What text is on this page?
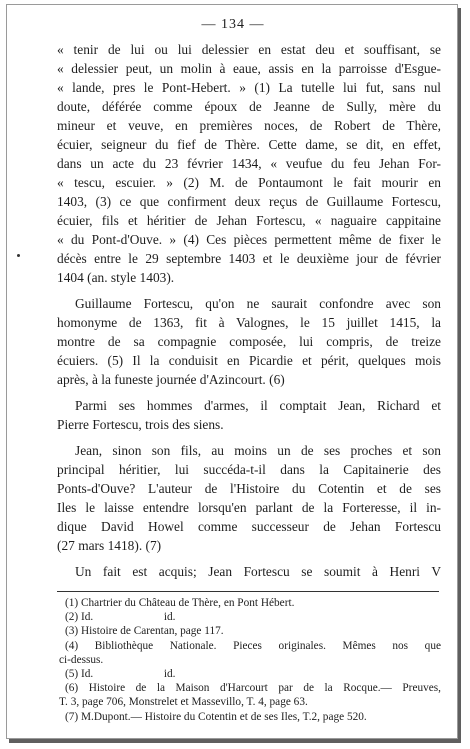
— 134 —

« tenir de lui ou lui delessier en estat deu et souffisant, se
« delessier peut, un molin à eaue, assis en la parroisse d'Esgue-
« lande, pres le Pont-Hebert. » (1) La tutelle lui fut, sans nul
doute, déférée comme époux de Jeanne de Sully, mère du
mineur et veuve, en premières noces, de Robert de Thère,
écuier, seigneur du fief de Thère. Cette dame, se dit, en effet,
dans un acte du 23 février 1434, « veufue du feu Jehan For-
« tescu, escuier. » (2) M. de Pontaumont le fait mourir en
1403, (3) ce que confirment deux reçus de Guillaume Fortescu,
écuier, fils et héritier de Jehan Fortescu, « naguaire cappitaine
« du Pont-d'Ouve. » (4) Ces pièces permettent même de fixer le
décès entre le 29 septembre 1403 et le deuxième jour de février
1404 (an. style 1403).

Guillaume Fortescu, qu'on ne saurait confondre avec son
homonyme de 1363, fit à Valognes, le 15 juillet 1415, la
montre de sa compagnie composée, lui compris, de treize
écuiers. (5) Il la conduisit en Picardie et périt, quelques mois
après, à la funeste journée d'Azincourt. (6)

Parmi ses hommes d'armes, il comptait Jean, Richard et
Pierre Fortescu, trois des siens.

Jean, sinon son fils, au moins un de ses proches et son
principal héritier, lui succéda-t-il dans la Capitainerie des
Ponts-d'Ouve? L'auteur de l'Histoire du Cotentin et de ses
Iles le laisse entendre lorsqu'en parlant de la Forteresse, il in-
dique David Howel comme successeur de Jehan Fortescu
(27 mars 1418). (7)

Un fait est acquis; Jean Fortescu se soumit à Henri V

(1) Chartrier du Château de Thère, en Pont Hébert.
(2) Id.                         id.
(3) Histoire de Carentan, page 117.
(4) Bibliothèque Nationale. Pieces originales. Mêmes nos que
ci-dessus.
(5) Id.                         id.
(6) Histoire de la Maison d'Harcourt par de la Rocque.— Preuves,
T. 3, page 706, Monstrelet et Massevillo, T. 4, page 63.
(7) M.Dupont.— Histoire du Cotentin et de ses Iles, T.2, page 520.
